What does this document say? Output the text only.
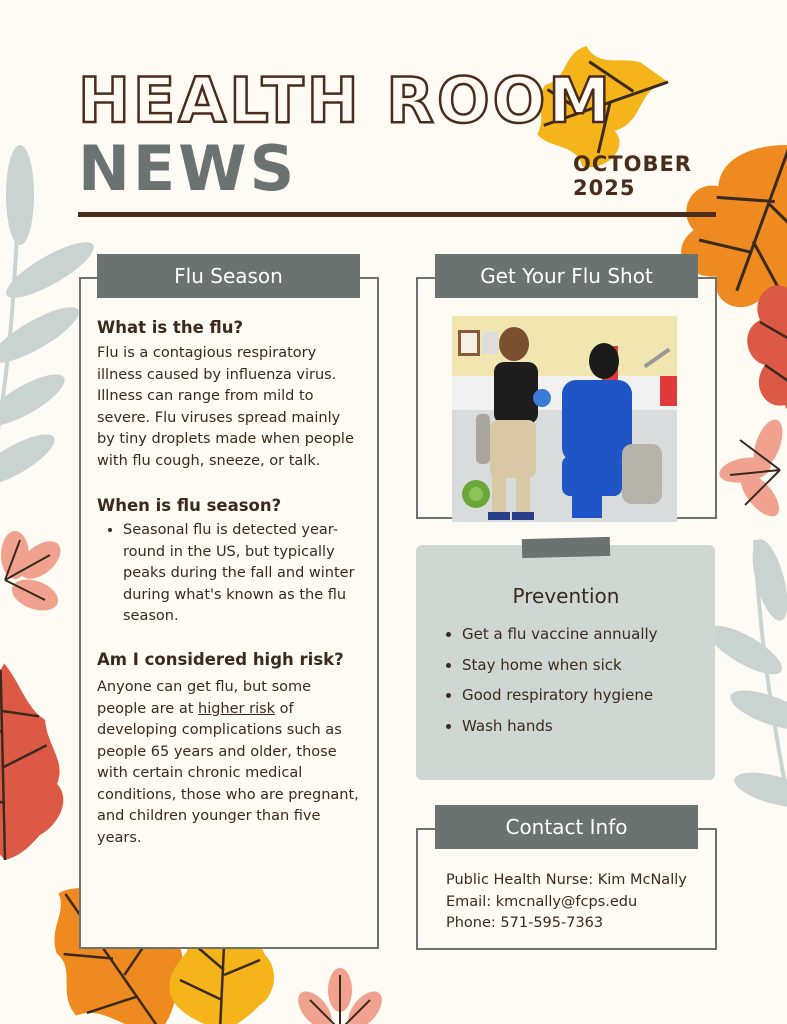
HEALTH ROOM
NEWS	OCTOBER
2025
Flu Season
What is the flu?
Flu is a contagious respiratory illness caused by influenza virus. Illness can range from mild to severe. Flu viruses spread mainly by tiny droplets made when people with flu cough, sneeze, or talk.
When is flu season?
• Seasonal flu is detected year-round in the US, but typically peaks during the fall and winter during what's known as the flu season.
Am I considered high risk?
Anyone can get flu, but some people are at higher risk of developing complications such as people 65 years and older, those with certain chronic medical conditions, those who are pregnant, and children younger than five years.
Get Your Flu Shot
Prevention
• Get a flu vaccine annually
• Stay home when sick
• Good respiratory hygiene
• Wash hands
Contact Info
Public Health Nurse: Kim McNally
Email: kmcnally@fcps.edu
Phone: 571-595-7363
